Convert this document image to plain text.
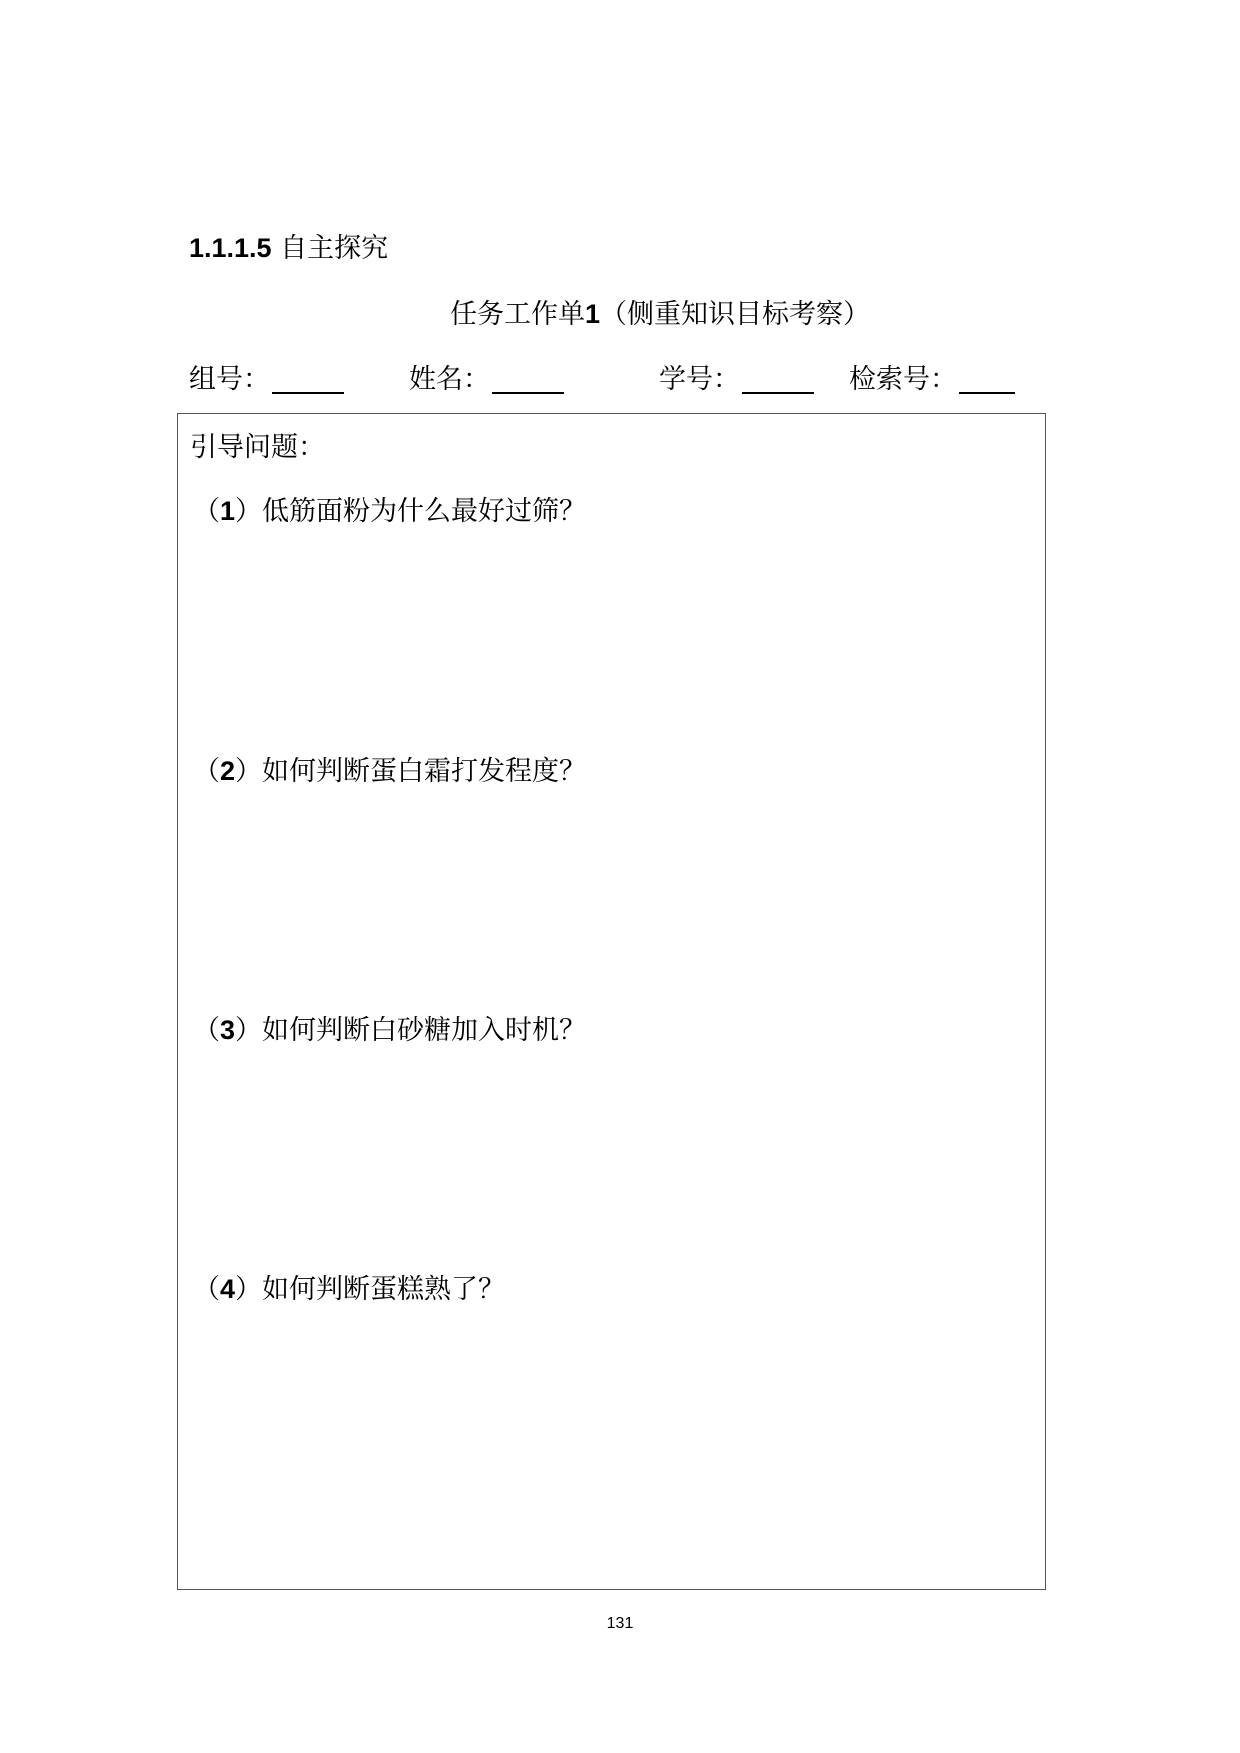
1.1.1.5 自主探究
任务工作单1（侧重知识目标考察）
组号：	姓名：	学号：	检索号：
引导问题：
（1）低筋面粉为什么最好过筛？
（2）如何判断蛋白霜打发程度？
（3）如何判断白砂糖加入时机？
（4）如何判断蛋糕熟了？
131
